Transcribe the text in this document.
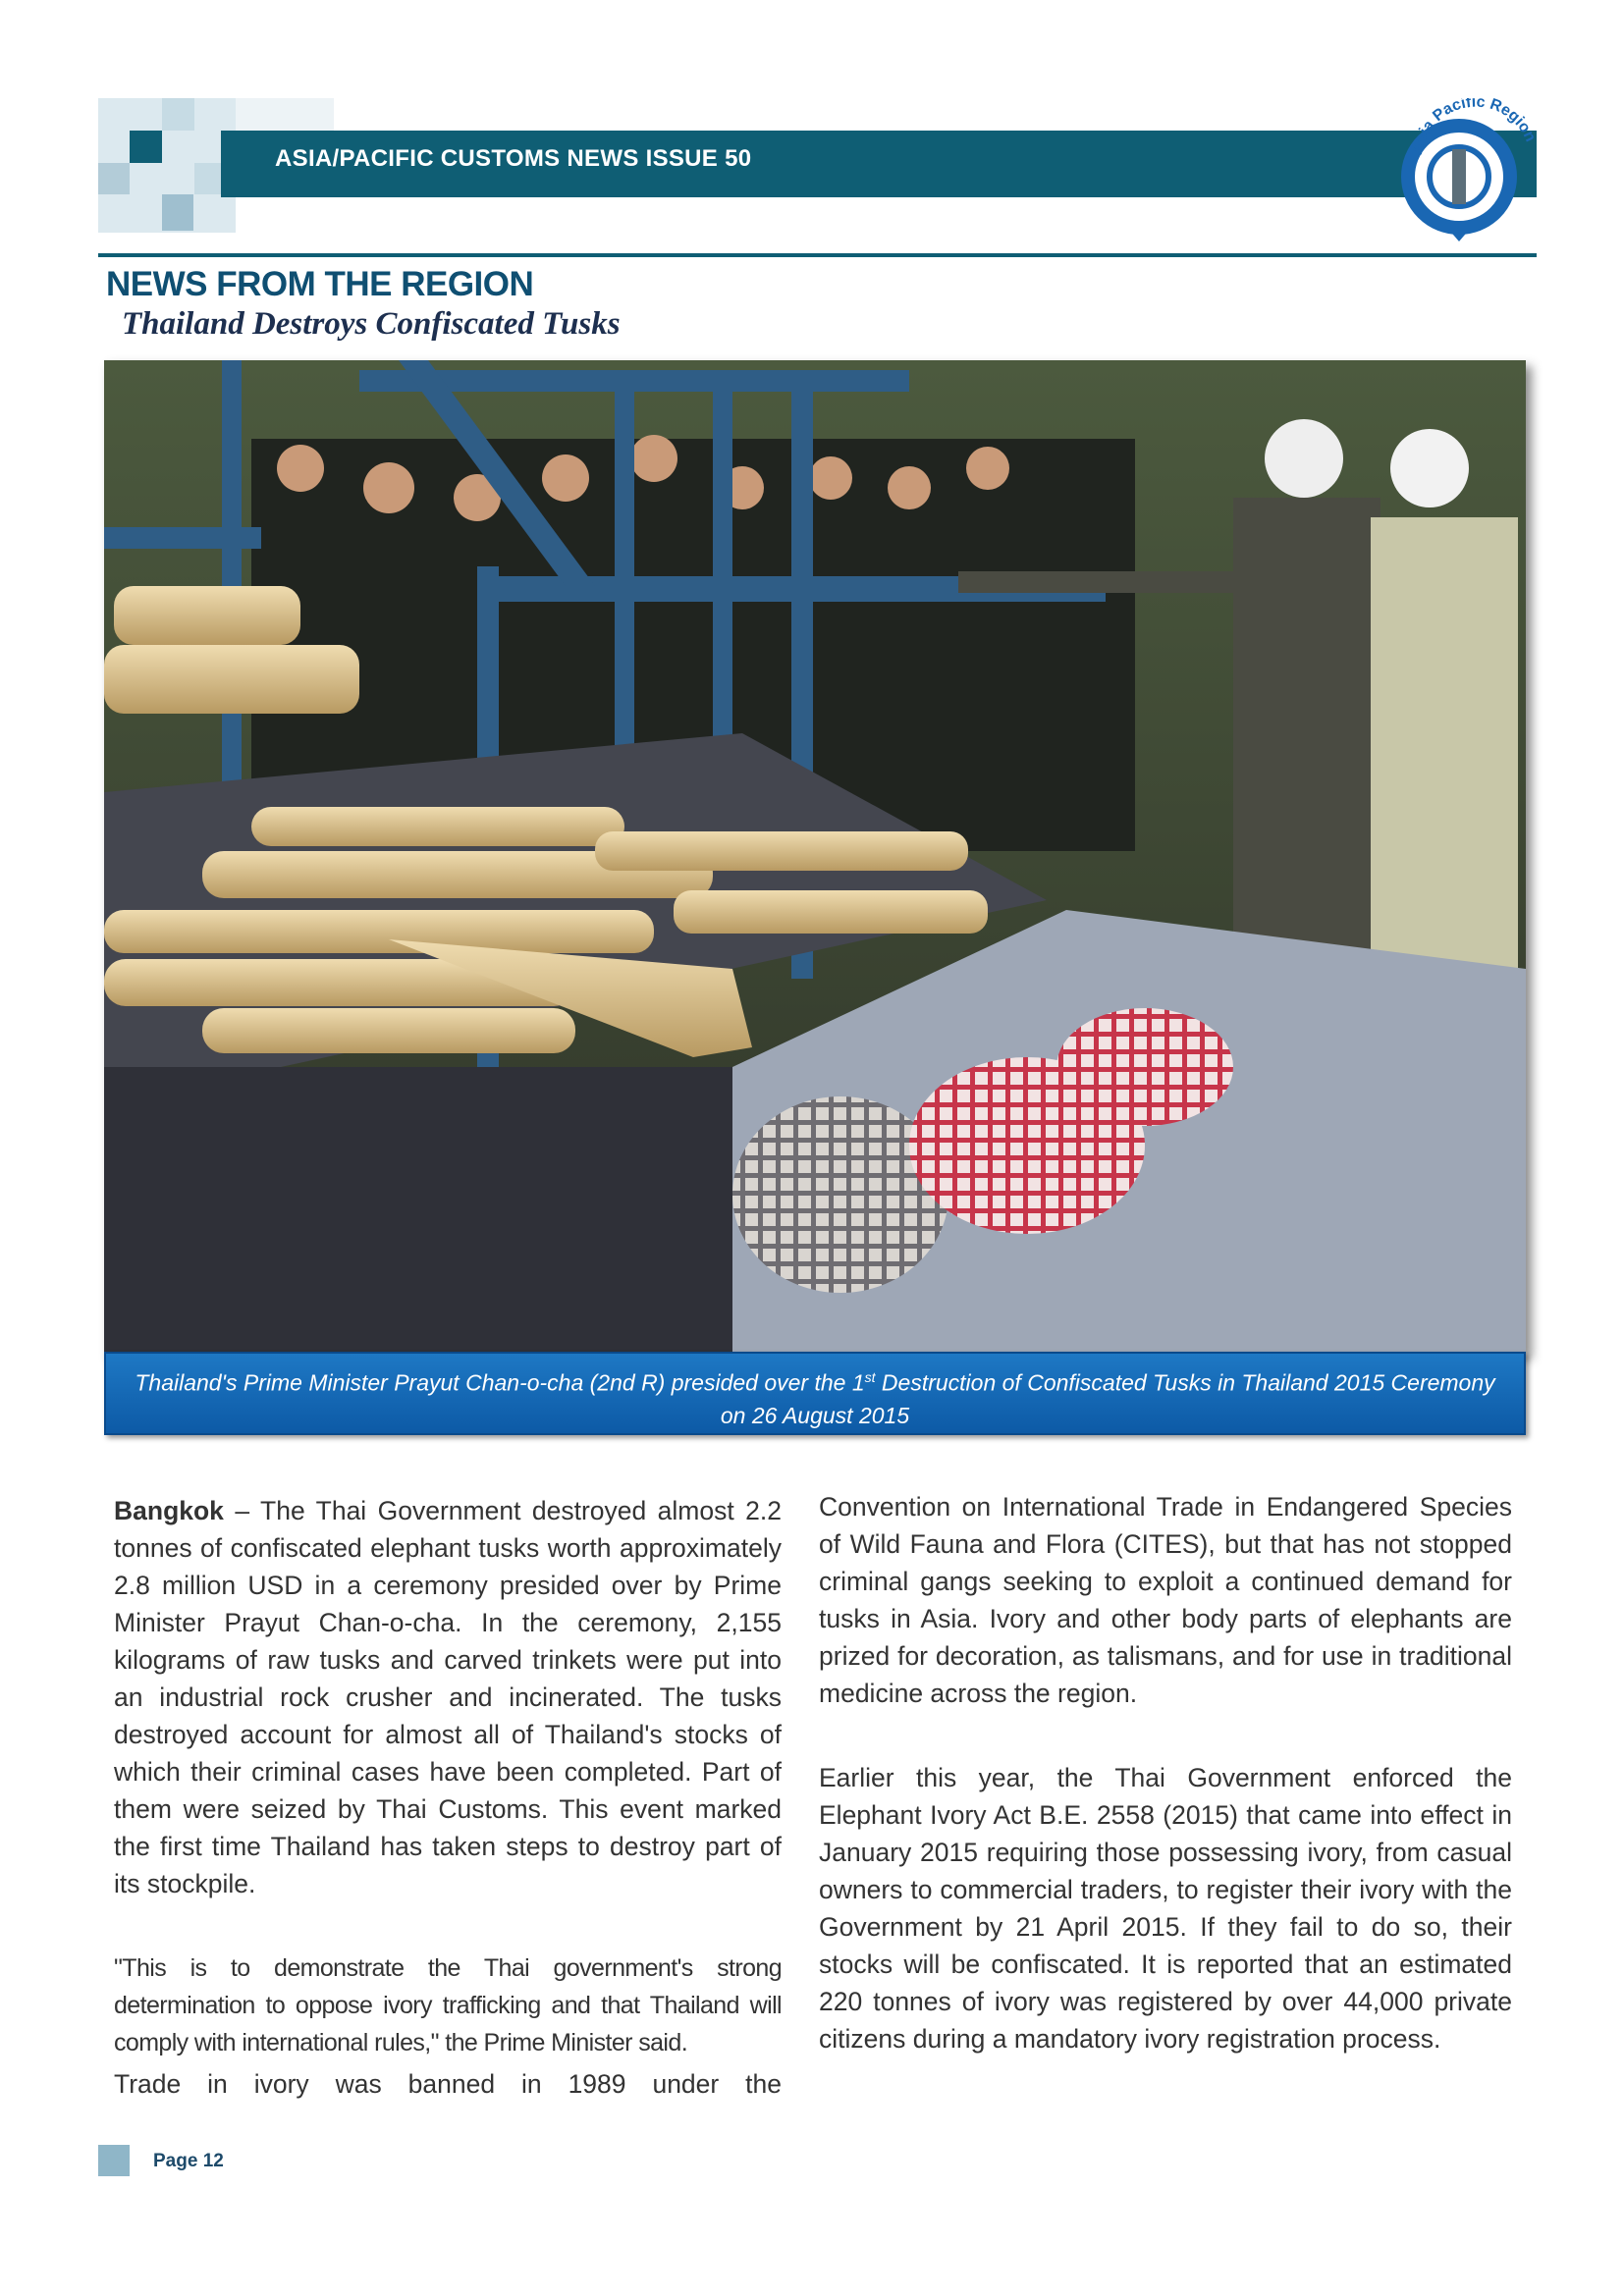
ASIA/PACIFIC CUSTOMS NEWS ISSUE 50	Asia Pacific Region
NEWS FROM THE REGION
Thailand Destroys Confiscated Tusks
Thailand's Prime Minister Prayut Chan-o-cha (2nd R) presided over the 1st Destruction of Confiscated Tusks in Thailand 2015 Ceremony on 26 August 2015

Bangkok – The Thai Government destroyed almost 2.2 tonnes of confiscated elephant tusks worth approximately 2.8 million USD in a ceremony presided over by Prime Minister Prayut Chan-o-cha. In the ceremony, 2,155 kilograms of raw tusks and carved trinkets were put into an industrial rock crusher and incinerated. The tusks destroyed account for almost all of Thailand's stocks of which their criminal cases have been completed. Part of them were seized by Thai Customs. This event marked the first time Thailand has taken steps to destroy part of its stockpile.

"This is to demonstrate the Thai government's strong determination to oppose ivory trafficking and that Thailand will comply with international rules," the Prime Minister said.

Trade in ivory was banned in 1989 under the

Convention on International Trade in Endangered Species of Wild Fauna and Flora (CITES), but that has not stopped criminal gangs seeking to exploit a continued demand for tusks in Asia. Ivory and other body parts of elephants are prized for decoration, as talismans, and for use in traditional medicine across the region.

Earlier this year, the Thai Government enforced the Elephant Ivory Act B.E. 2558 (2015) that came into effect in January 2015 requiring those possessing ivory, from casual owners to commercial traders, to register their ivory with the Government by 21 April 2015. If they fail to do so, their stocks will be confiscated. It is reported that an estimated 220 tonnes of ivory was registered by over 44,000 private citizens during a mandatory ivory registration process.

Page 12
